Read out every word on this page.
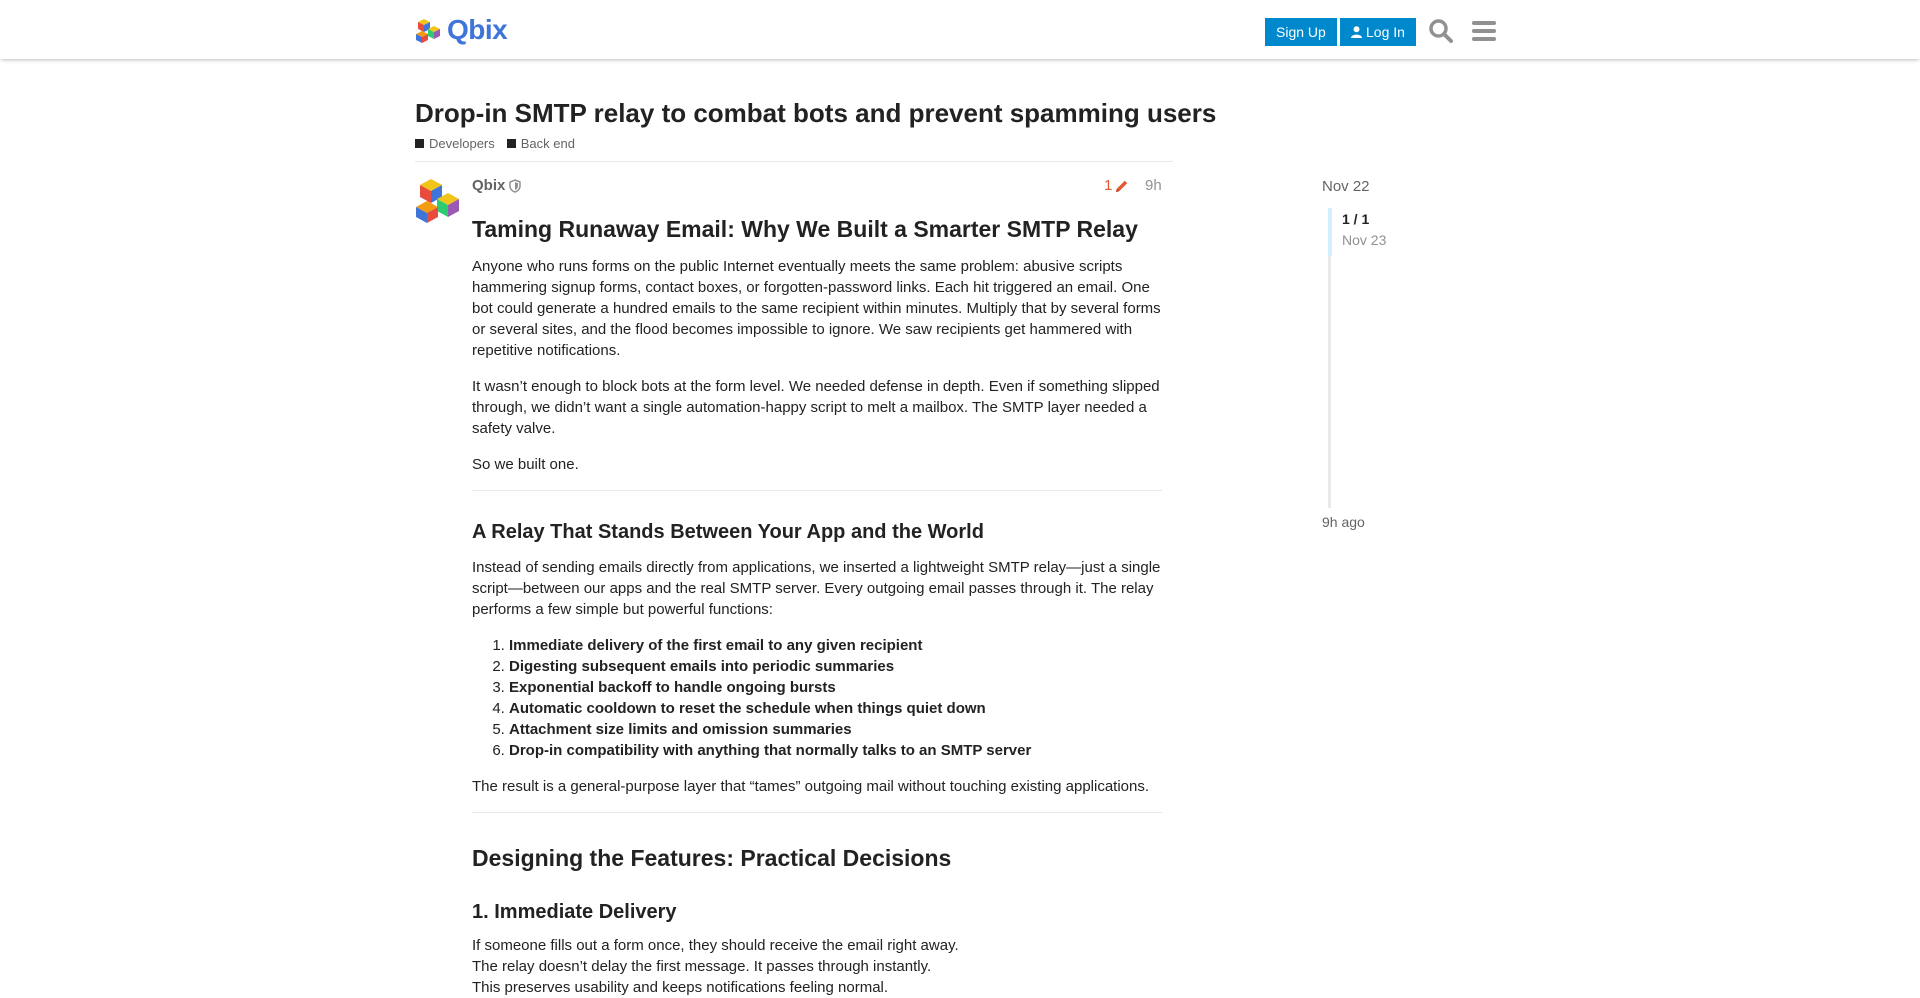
Qbix	Sign Up	Log In
Drop-in SMTP relay to combat bots and prevent spamming users
Developers Back end
Qbix	1 9h
Taming Runaway Email: Why We Built a Smarter SMTP Relay

Anyone who runs forms on the public Internet eventually meets the same problem: abusive scripts hammering signup forms, contact boxes, or forgotten-password links. Each hit triggered an email. One bot could generate a hundred emails to the same recipient within minutes. Multiply that by several forms or several sites, and the flood becomes impossible to ignore. We saw recipients get hammered with repetitive notifications.

It wasn’t enough to block bots at the form level. We needed defense in depth. Even if something slipped through, we didn’t want a single automation-happy script to melt a mailbox. The SMTP layer needed a safety valve.

So we built one.

A Relay That Stands Between Your App and the World

Instead of sending emails directly from applications, we inserted a lightweight SMTP relay—just a single script—between our apps and the real SMTP server. Every outgoing email passes through it. The relay performs a few simple but powerful functions:

1. Immediate delivery of the first email to any given recipient
2. Digesting subsequent emails into periodic summaries
3. Exponential backoff to handle ongoing bursts
4. Automatic cooldown to reset the schedule when things quiet down
5. Attachment size limits and omission summaries
6. Drop-in compatibility with anything that normally talks to an SMTP server

The result is a general-purpose layer that “tames” outgoing mail without touching existing applications.

Designing the Features: Practical Decisions
1. Immediate Delivery

If someone fills out a form once, they should receive the email right away.

The relay doesn’t delay the first message. It passes through instantly.

This preserves usability and keeps notifications feeling normal.

Nov 22
1 / 1
Nov 23
9h ago
